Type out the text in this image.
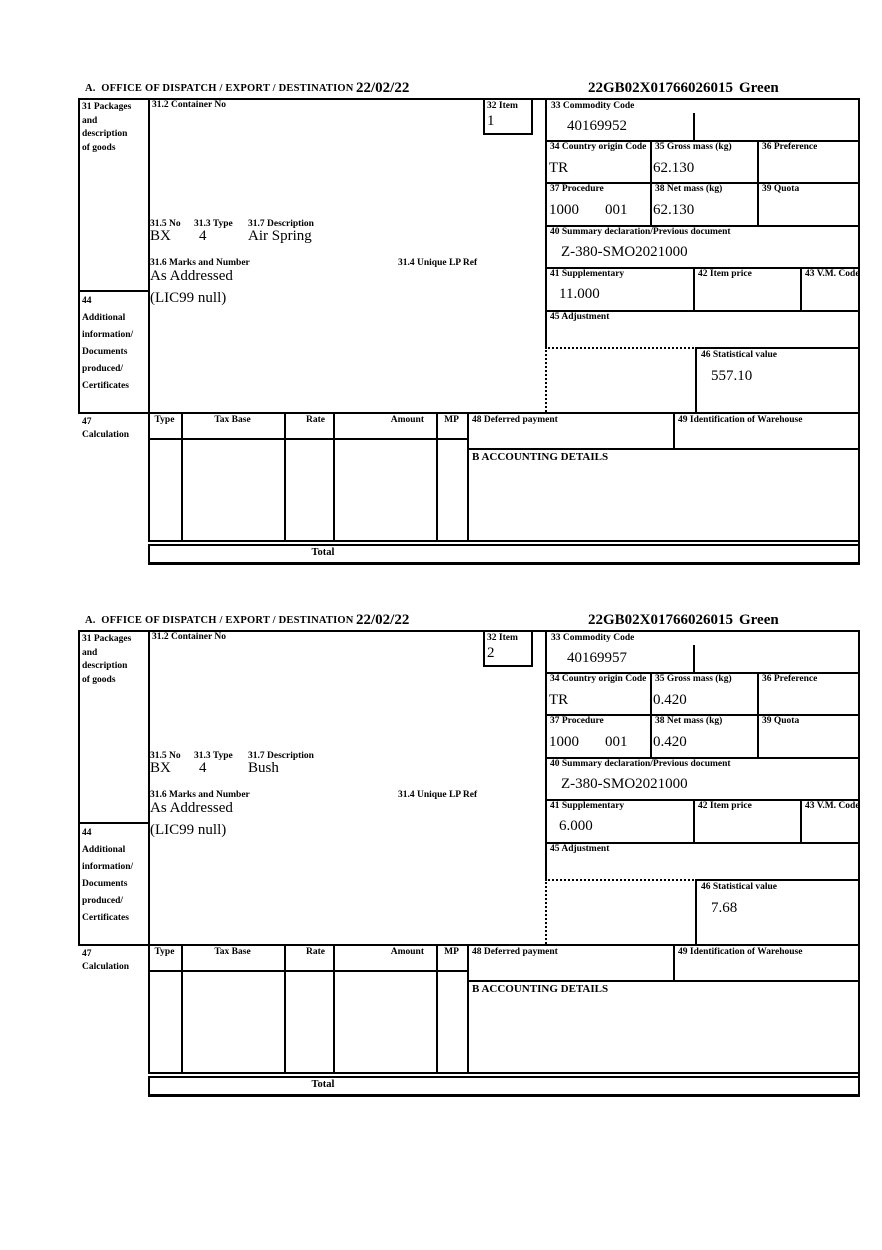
A.  OFFICE OF DISPATCH / EXPORT / DESTINATION 22/02/22	22GB02X01766026015 Green
32 Item
1
31 Packages
and
description
of goods
44
Additional
information/
Documents
produced/
Certificates
31.2 Container No
31.5 No 31.3 Type 31.7 Description
BX 4	Air Spring
31.6 Marks and Number	31.4 Unique LP Ref
As Addressed
(LIC99 null)
33 Commodity Code
40169952
34 Country origin Code
TR
35 Gross mass (kg)
62.130
36 Preference
37 Procedure
1000 001
38 Net mass (kg)
62.130
39 Quota
40 Summary declaration/Previous document
Z-380-SMO2021000
41 Supplementary
11.000
42 Item price	43 V.M. Code
45 Adjustment
46 Statistical value
557.10
47
Calculation
Type	Tax Base	Rate	Amount	MP	48 Deferred payment	49 Identification of Warehouse
B ACCOUNTING DETAILS
Total
A.  OFFICE OF DISPATCH / EXPORT / DESTINATION 22/02/22	22GB02X01766026015 Green
32 Item
2
31 Packages
and
description
of goods
44
Additional
information/
Documents
produced/
Certificates
31.2 Container No
31.5 No 31.3 Type 31.7 Description
BX 4	Bush
31.6 Marks and Number	31.4 Unique LP Ref
As Addressed
(LIC99 null)
33 Commodity Code
40169957
34 Country origin Code
TR
35 Gross mass (kg)
0.420
36 Preference
37 Procedure
1000 001
38 Net mass (kg)
0.420
39 Quota
40 Summary declaration/Previous document
Z-380-SMO2021000
41 Supplementary
6.000
42 Item price	43 V.M. Code
45 Adjustment
46 Statistical value
7.68
47
Calculation
Type	Tax Base	Rate	Amount	MP	48 Deferred payment	49 Identification of Warehouse
B ACCOUNTING DETAILS
Total
